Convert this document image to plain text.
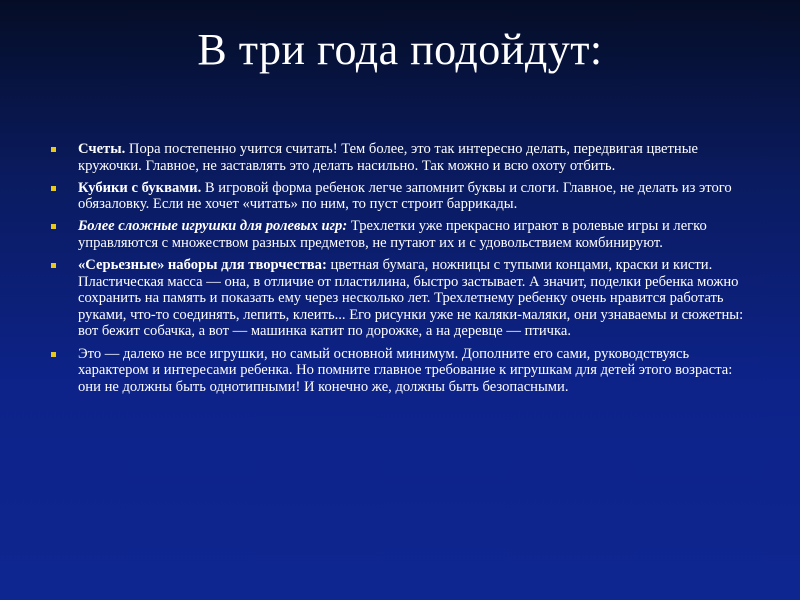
В три года подойдут:
Счеты. Пора постепенно учится считать! Тем более, это так интересно делать, передвигая цветные кружочки. Главное, не заставлять это делать насильно. Так можно и всю охоту отбить.
Кубики с буквами. В игровой форма ребенок легче запомнит буквы и слоги. Главное, не делать из этого обязаловку. Если не хочет «читать» по ним, то пуст строит баррикады.
Более сложные игрушки для ролевых игр: Трехлетки уже прекрасно играют в ролевые игры и легко управляются с множеством разных предметов, не путают их и с удовольствием комбинируют.
«Серьезные» наборы для творчества: цветная бумага, ножницы с тупыми концами, краски и кисти. Пластическая масса — она, в отличие от пластилина, быстро застывает. А значит, поделки ребенка можно сохранить на память и показать ему через несколько лет. Трехлетнему ребенку очень нравится работать руками, что-то соединять, лепить, клеить... Его рисунки уже не каляки-маляки, они узнаваемы и сюжетны: вот бежит собачка, а вот — машинка катит по дорожке, а на деревце — птичка.
Это — далеко не все игрушки, но самый основной минимум. Дополните его сами, руководствуясь характером и интересами ребенка. Но помните главное требование к игрушкам для детей этого возраста: они не должны быть однотипными! И конечно же, должны быть безопасными.
